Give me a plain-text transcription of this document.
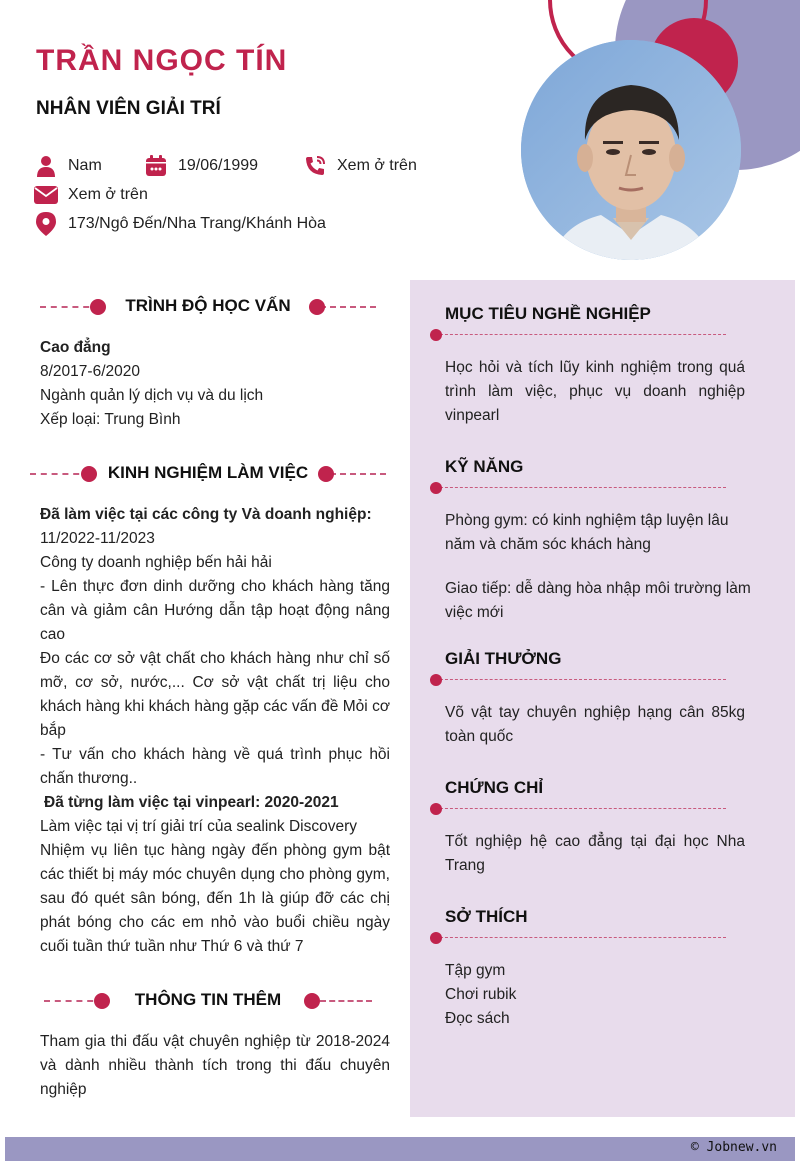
TRẦN NGỌC TÍN
NHÂN VIÊN GIẢI TRÍ
Nam	19/06/1999	Xem ở trên
Xem ở trên
173/Ngô Đến/Nha Trang/Khánh Hòa
TRÌNH ĐỘ HỌC VẤN

Cao đẳng

8/2017-6/2020

Ngành quản lý dịch vụ và du lịch

Xếp loại: Trung Bình

KINH NGHIỆM LÀM VIỆC

Đã làm việc tại các công ty Và doanh nghiệp:

11/2022-11/2023

Công ty doanh nghiệp bến hải hải

- Lên thực đơn dinh dưỡng cho khách hàng tăng cân và giảm cân Hướng dẫn tập hoạt động nâng cao

Đo các cơ sở vật chất cho khách hàng như chỉ số mỡ, cơ sở, nước,... Cơ sở vật chất trị liệu cho khách hàng khi khách hàng gặp các vấn đề Mỏi cơ bắp

- Tư vấn cho khách hàng về quá trình phục hồi chấn thương..

Đã từng làm việc tại vinpearl: 2020-2021

Làm việc tại vị trí giải trí của sealink Discovery

Nhiệm vụ liên tục hàng ngày đến phòng gym bật các thiết bị máy móc chuyên dụng cho phòng gym, sau đó quét sân bóng, đến 1h là giúp đỡ các chị phát bóng cho các em nhỏ vào buổi chiều ngày cuối tuần thứ tuần như Thứ 6 và thứ 7

THÔNG TIN THÊM
Tham gia thi đấu vật chuyên nghiệp từ 2018-2024 và dành nhiều thành tích trong thi đấu chuyên nghiệp
MỤC TIÊU NGHỀ NGHIỆP
Học hỏi và tích lũy kinh nghiệm trong quá trình làm việc, phục vụ doanh nghiệp vinpearl
KỸ NĂNG
Phòng gym: có kinh nghiệm tập luyện lâu năm và chăm sóc khách hàng
Giao tiếp: dễ dàng hòa nhập môi trường làm việc mới
GIẢI THƯỞNG
Võ vật tay chuyên nghiệp hạng cân 85kg toàn quốc
CHỨNG CHỈ
Tốt nghiệp hệ cao đẳng tại đại học Nha Trang
SỞ THÍCH

Tập gym

Chơi rubik

Đọc sách

© Jobnew.vn
